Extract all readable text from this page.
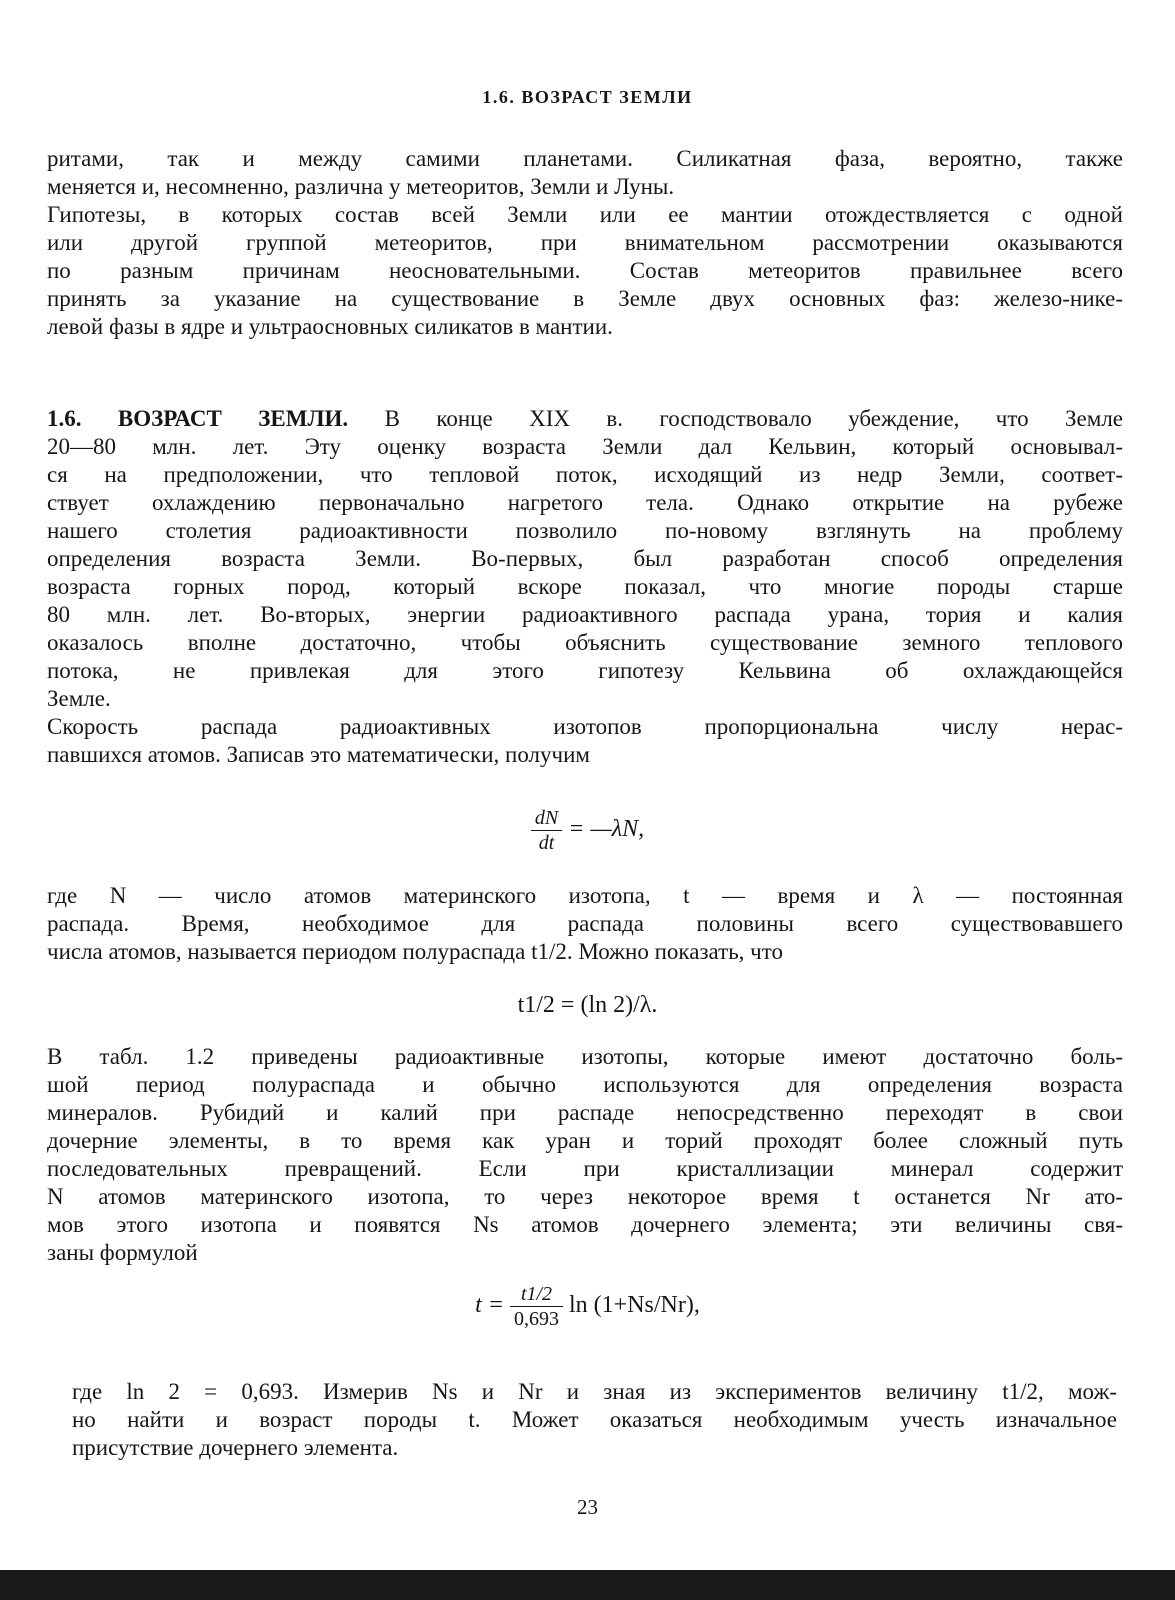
1.6. ВОЗРАСТ ЗЕМЛИ
ритами, так и между самими планетами. Силикатная фаза, вероятно, также
меняется и, несомненно, различна у метеоритов, Земли и Луны.
Гипотезы, в которых состав всей Земли или ее мантии отождествляется с одной
или другой группой метеоритов, при внимательном рассмотрении оказываются
по разным причинам неосновательными. Состав метеоритов правильнее всего
принять за указание на существование в Земле двух основных фаз: железо-нике-
левой фазы в ядре и ультраосновных силикатов в мантии.
1.6. ВОЗРАСТ ЗЕМЛИ. В конце XIX в. господствовало убеждение, что Земле
20—80 млн. лет. Эту оценку возраста Земли дал Кельвин, который основывал-
ся на предположении, что тепловой поток, исходящий из недр Земли, соответ-
ствует охлаждению первоначально нагретого тела. Однако открытие на рубеже
нашего столетия радиоактивности позволило по-новому взглянуть на проблему
определения возраста Земли. Во-первых, был разработан способ определения
возраста горных пород, который вскоре показал, что многие породы старше
80 млн. лет. Во-вторых, энергии радиоактивного распада урана, тория и калия
оказалось вполне достаточно, чтобы объяснить существование земного теплового
потока, не привлекая для этого гипотезу Кельвина об охлаждающейся
Земле.
Скорость распада радиоактивных изотопов пропорциональна числу нерас-
павшихся атомов. Записав это математически, получим
$\frac{dN}{dt}$ = —λN,
где N — число атомов материнского изотопа, t — время и λ — постоянная
распада. Время, необходимое для распада половины всего существовавшего
числа атомов, называется периодом полураспада t1/2. Можно показать, что
t1/2 = (ln 2)/λ.
В табл. 1.2 приведены радиоактивные изотопы, которые имеют достаточно боль-
шой период полураспада и обычно используются для определения возраста
минералов. Рубидий и калий при распаде непосредственно переходят в свои
дочерние элементы, в то время как уран и торий проходят более сложный путь
последовательных превращений. Если при кристаллизации минерал содержит
N атомов материнского изотопа, то через некоторое время t останется Nr ато-
мов этого изотопа и появятся Ns атомов дочернего элемента; эти величины свя-
заны формулой
$t = \frac{t1/2}{0,693}$ ln (1+Ns/Nr),
где ln 2 = 0,693. Измерив Ns и Nr и зная из экспериментов величину t1/2, мож-
но найти и возраст породы t. Может оказаться необходимым учесть изначальное
присутствие дочернего элемента.
23
